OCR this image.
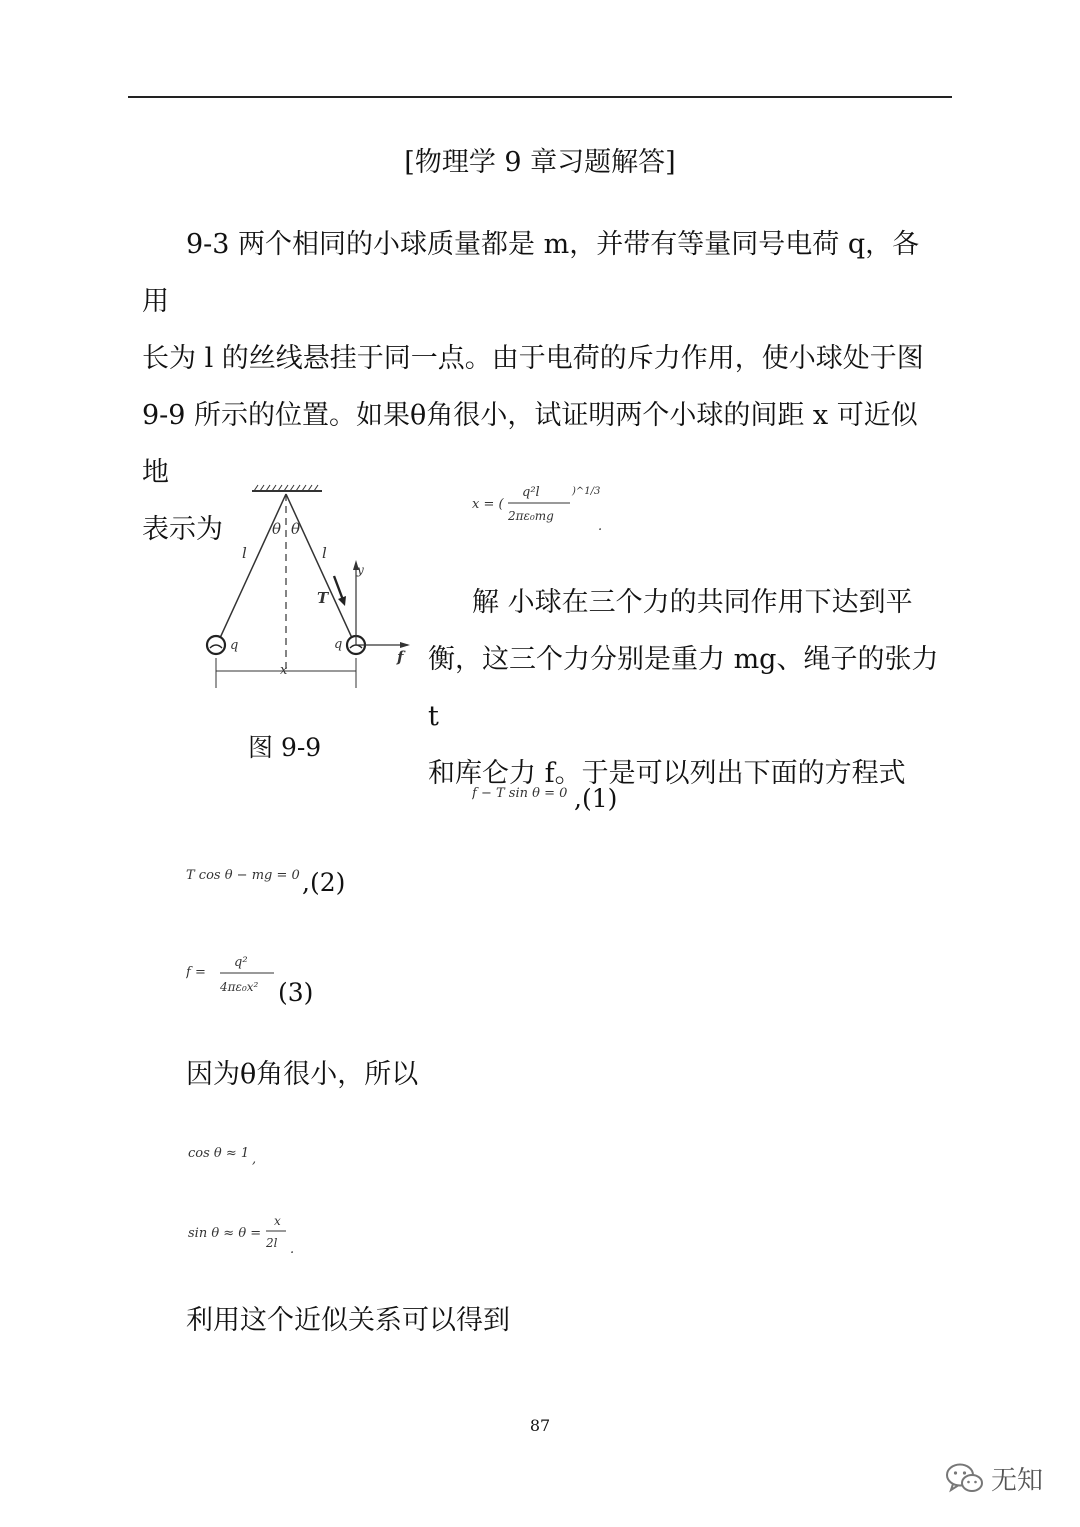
[物理学 9 章习题解答]
9-3 两个相同的小球质量都是 m，并带有等量同号电荷 q，各用
长为 l 的丝线悬挂于同一点。由于电荷的斥力作用，使小球处于图
9-9 所示的位置。如果θ角很小，试证明两个小球的间距 x 可近似地
表示为	θ θ
l	l
q	q
T
y
f
x
图 9-9
x = (
q²l
2πε₀mg
)^1/3
.
解 小球在三个力的共同作用下达到平
衡，这三个力分别是重力 mg、绳子的张力 t
和库仑力 f。于是可以列出下面的方程式
f − T sin θ = 0 ,(1)
T cos θ − mg = 0 ,(2)
f =
q²
4πε₀x² (3)
因为θ角很小，所以
cos θ ≈ 1 ,
sin θ ≈ θ =
x
2l .
利用这个近似关系可以得到
87
无知
